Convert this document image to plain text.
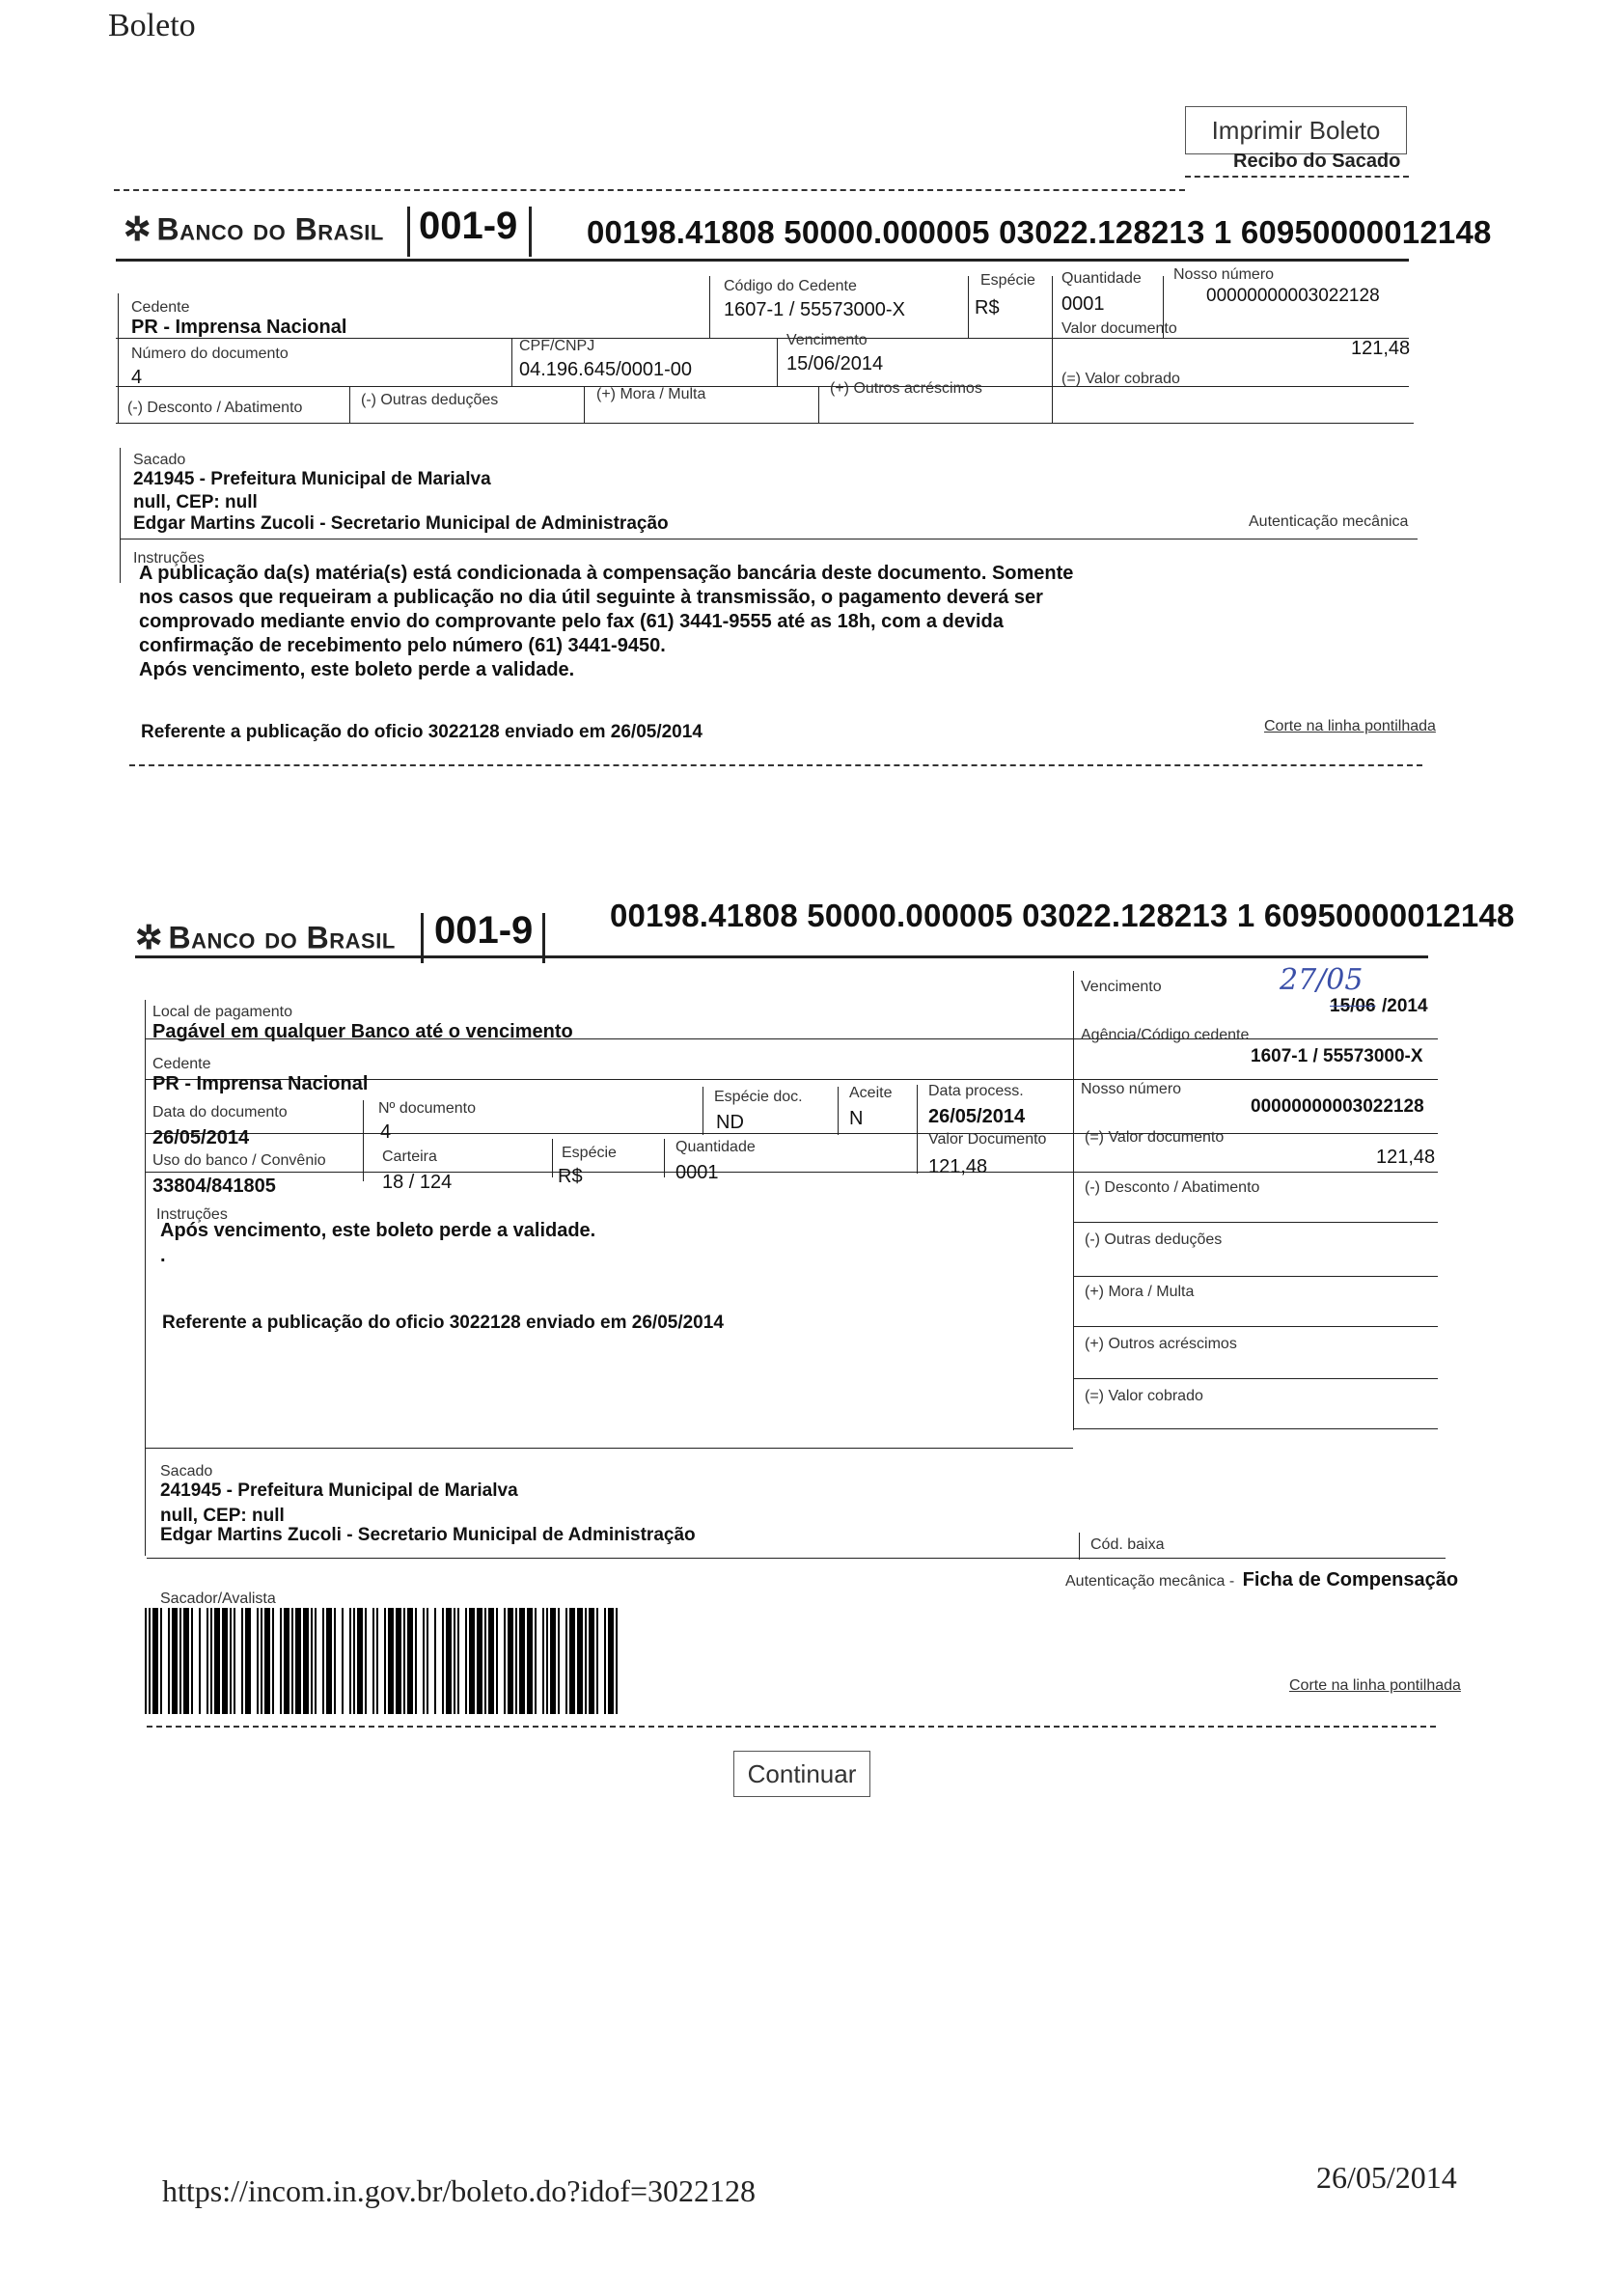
Boleto
Imprimir Boleto
Recibo do Sacado
✲ Banco do Brasil 001-9 00198.41808 50000.000005 03022.128213 1 60950000012148
Cedente
PR - Imprensa Nacional
Código do Cedente
1607-1 / 55573000-X
Espécie
R$
Quantidade
0001
Nosso número
00000000003022128
Número do documento
4
CPF/CNPJ
04.196.645/0001-00
Vencimento
15/06/2014
Valor documento
121,48
(-) Desconto / Abatimento	(-) Outras deduções	(+) Mora / Multa	(+) Outros acréscimos
(=) Valor cobrado
Sacado
241945 - Prefeitura Municipal de Marialva
null, CEP: null
Edgar Martins Zucoli - Secretario Municipal de Administração	Autenticação mecânica
Instruções
A publicação da(s) matéria(s) está condicionada à compensação bancária deste documento. Somente
nos casos que requeiram a publicação no dia útil seguinte à transmissão, o pagamento deverá ser
comprovado mediante envio do comprovante pelo fax (61) 3441-9555 até as 18h, com a devida
confirmação de recebimento pelo número (61) 3441-9450.
Após vencimento, este boleto perde a validade.
Referente a publicação do oficio 3022128 enviado em 26/05/2014	Corte na linha pontilhada
✲ Banco do Brasil 001-9 00198.41808 50000.000005 03022.128213 1 60950000012148
Local de pagamento
Pagável em qualquer Banco até o vencimento
Vencimento	27/05
15/06 /2014
Cedente
PR - Imprensa Nacional
Agência/Código cedente
1607-1 / 55573000-X
Data do documento
26/05/2014
Nº documento
4
Espécie doc.
ND
Aceite
N
Data process.
26/05/2014
Nosso número
00000000003022128
Uso do banco / Convênio
33804/841805
Carteira
18 / 124
Espécie
R$
Quantidade
0001
Valor Documento
121,48
(=) Valor documento
121,48
(-) Desconto / Abatimento
(-) Outras deduções
(+) Mora / Multa
(+) Outros acréscimos
(=) Valor cobrado
Instruções
Após vencimento, este boleto perde a validade.
.
Referente a publicação do oficio 3022128 enviado em 26/05/2014
Sacado
241945 - Prefeitura Municipal de Marialva
null, CEP: null
Edgar Martins Zucoli - Secretario Municipal de Administração	Cód. baixa
Sacador/Avalista
Autenticação mecânica - Ficha de Compensação
Corte na linha pontilhada
Continuar
https://incom.in.gov.br/boleto.do?idof=3022128	26/05/2014
